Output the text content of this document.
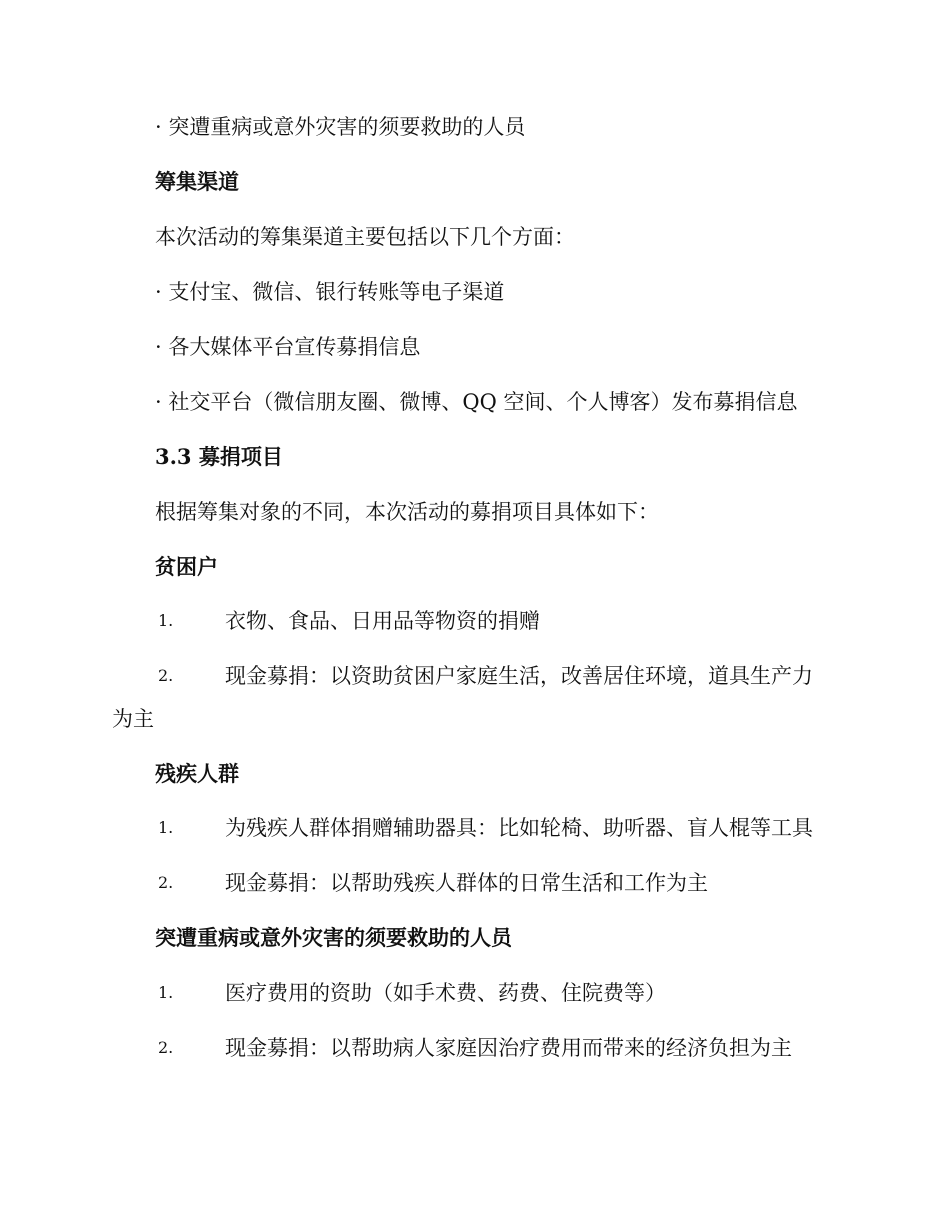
· 突遭重病或意外灾害的须要救助的人员
筹集渠道
本次活动的筹集渠道主要包括以下几个方面：
· 支付宝、微信、银行转账等电子渠道
· 各大媒体平台宣传募捐信息
· 社交平台（微信朋友圈、微博、QQ 空间、个人博客）发布募捐信息
3.3 募捐项目
根据筹集对象的不同，本次活动的募捐项目具体如下：
贫困户
1. 衣物、食品、日用品等物资的捐赠
2. 现金募捐：以资助贫困户家庭生活，改善居住环境，道具生产力
为主
残疾人群
1. 为残疾人群体捐赠辅助器具：比如轮椅、助听器、盲人棍等工具
2. 现金募捐：以帮助残疾人群体的日常生活和工作为主
突遭重病或意外灾害的须要救助的人员
1. 医疗费用的资助（如手术费、药费、住院费等）
2. 现金募捐：以帮助病人家庭因治疗费用而带来的经济负担为主
